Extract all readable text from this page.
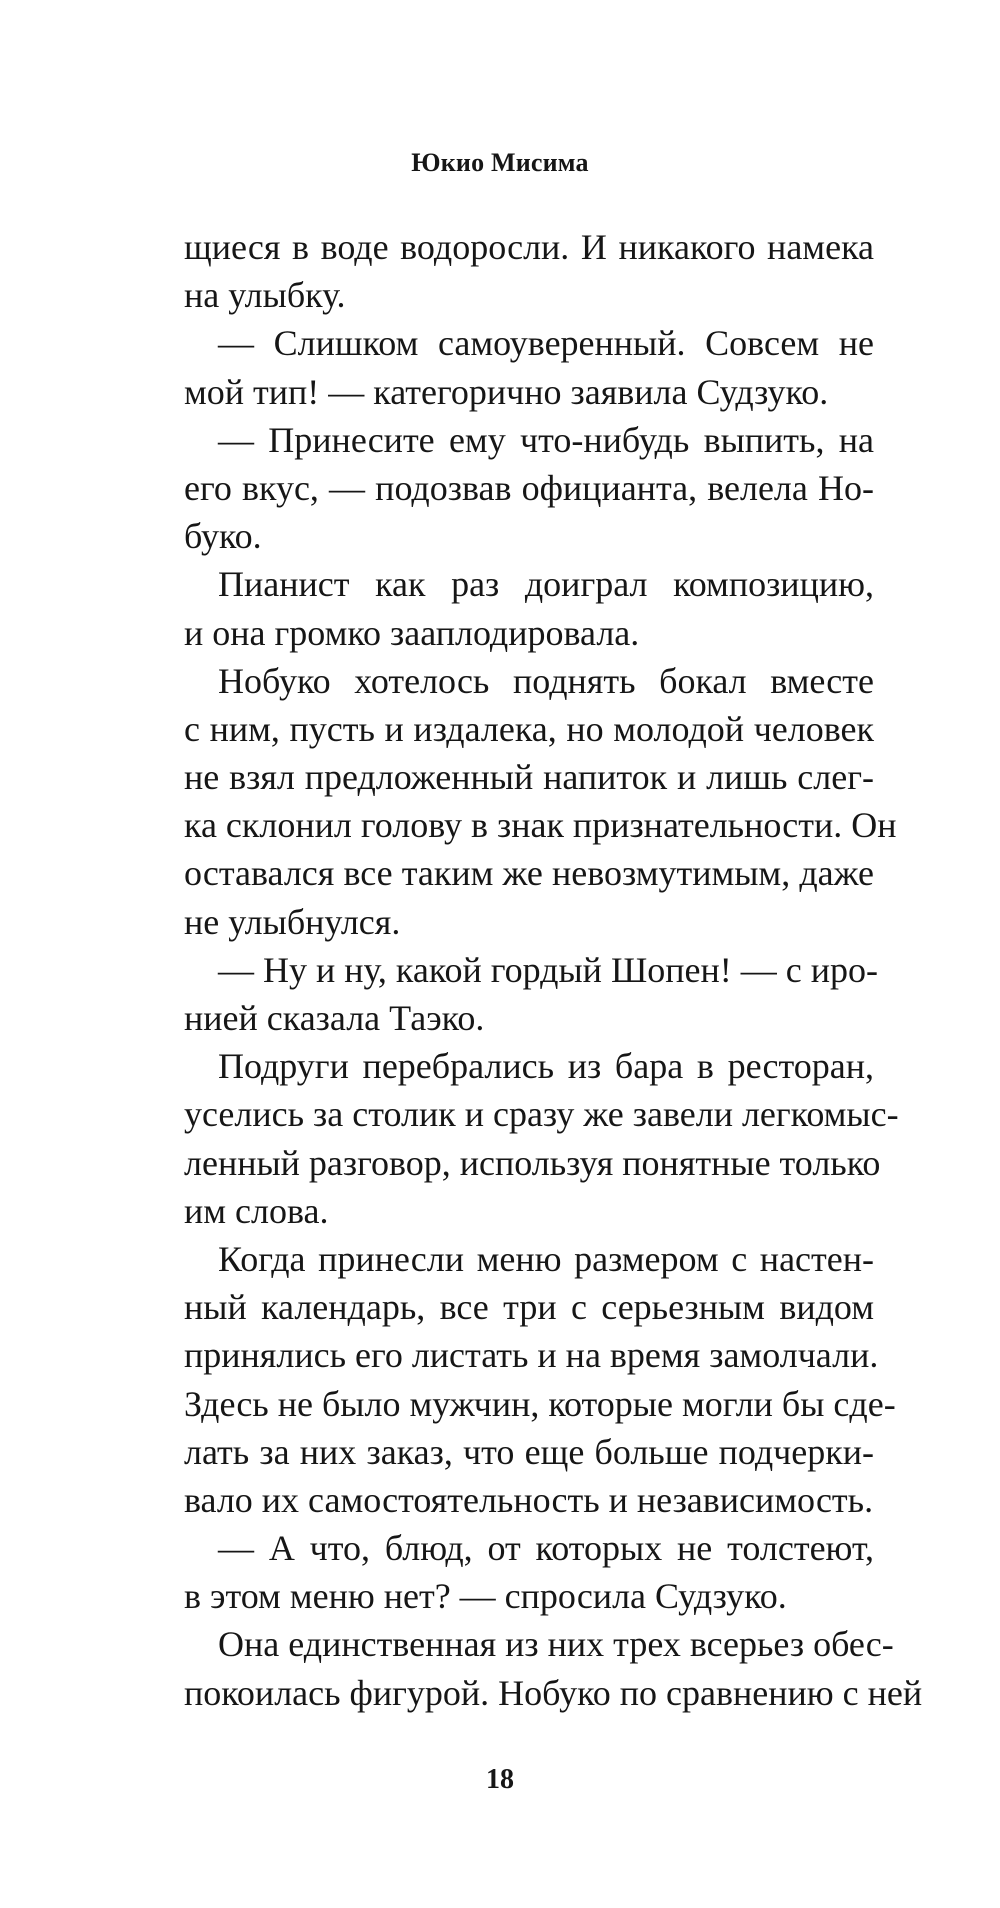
Юкио Мисима
щиеся в воде водоросли. И никакого намека
на улыбку.
— Слишком самоуверенный. Совсем не
мой тип! — категорично заявила Судзуко.
— Принесите ему что-нибудь выпить, на
его вкус, — подозвав официанта, велела Но-
буко.
Пианист как раз доиграл композицию,
и она громко зааплодировала.
Нобуко хотелось поднять бокал вместе
с ним, пусть и издалека, но молодой человек
не взял предложенный напиток и лишь слег-
ка склонил голову в знак признательности. Он
оставался все таким же невозмутимым, даже
не улыбнулся.
— Ну и ну, какой гордый Шопен! — с иро-
нией сказала Таэко.
Подруги перебрались из бара в ресторан,
уселись за столик и сразу же завели легкомыс-
ленный разговор, используя понятные только
им слова.
Когда принесли меню размером с настен-
ный календарь, все три с серьезным видом
принялись его листать и на время замолчали.
Здесь не было мужчин, которые могли бы сде-
лать за них заказ, что еще больше подчерки-
вало их самостоятельность и независимость.
— А что, блюд, от которых не толстеют,
в этом меню нет? — спросила Судзуко.
Она единственная из них трех всерьез обес-
покоилась фигурой. Нобуко по сравнению с ней
18
